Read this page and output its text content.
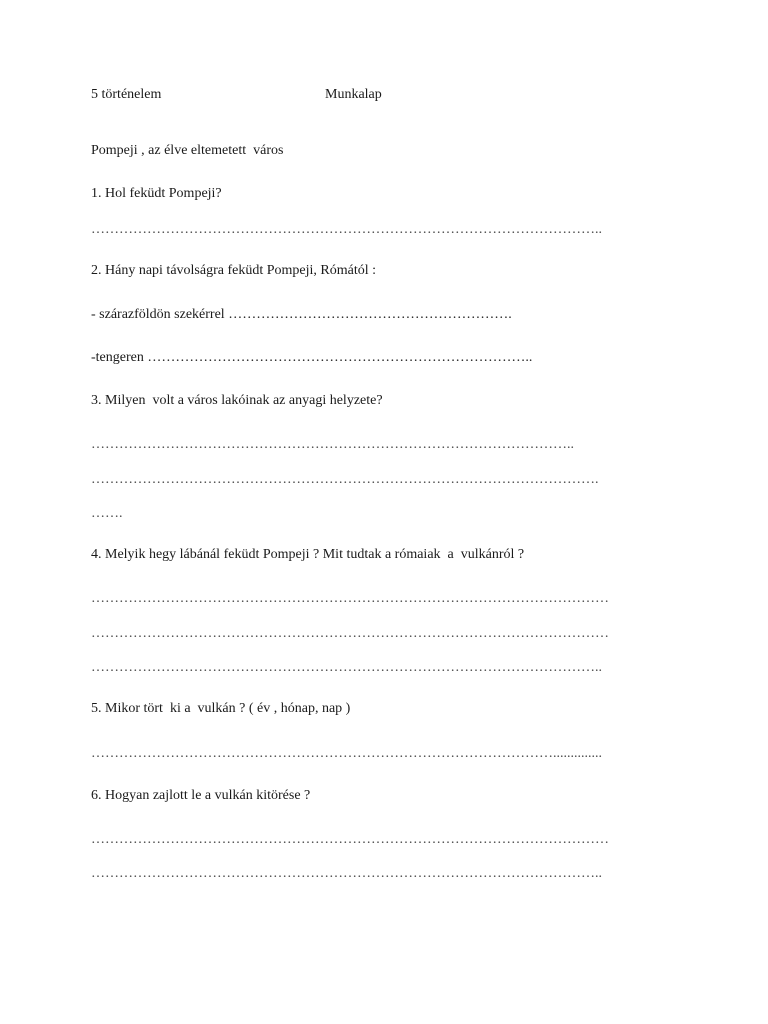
5 történelem	Munkalap
Pompeji , az élve eltemetett  város
1. Hol feküdt Pompeji?
………………………………………………………………………………………………..
2. Hány napi távolságra feküdt Pompeji, Rómától :
- szárazföldön szekérrel …………………………………………………….
-tengeren ………………………………………………………………………..
3. Milyen  volt a város lakóinak az anyagi helyzete?
…………………………………………………………………………………………..
……………………………………………………………………………………………….
…….
4. Melyik hegy lábánál feküdt Pompeji ? Mit tudtak a rómaiak  a  vulkánról ?
…………………………………………………………………………………………………
…………………………………………………………………………………………………
………………………………………………………………………………………………..
5. Mikor tört  ki a  vulkán ? ( év , hónap, nap )
………………………………………………………………………………………..............
6. Hogyan zajlott le a vulkán kitörése ?
…………………………………………………………………………………………………
………………………………………………………………………………………………..
